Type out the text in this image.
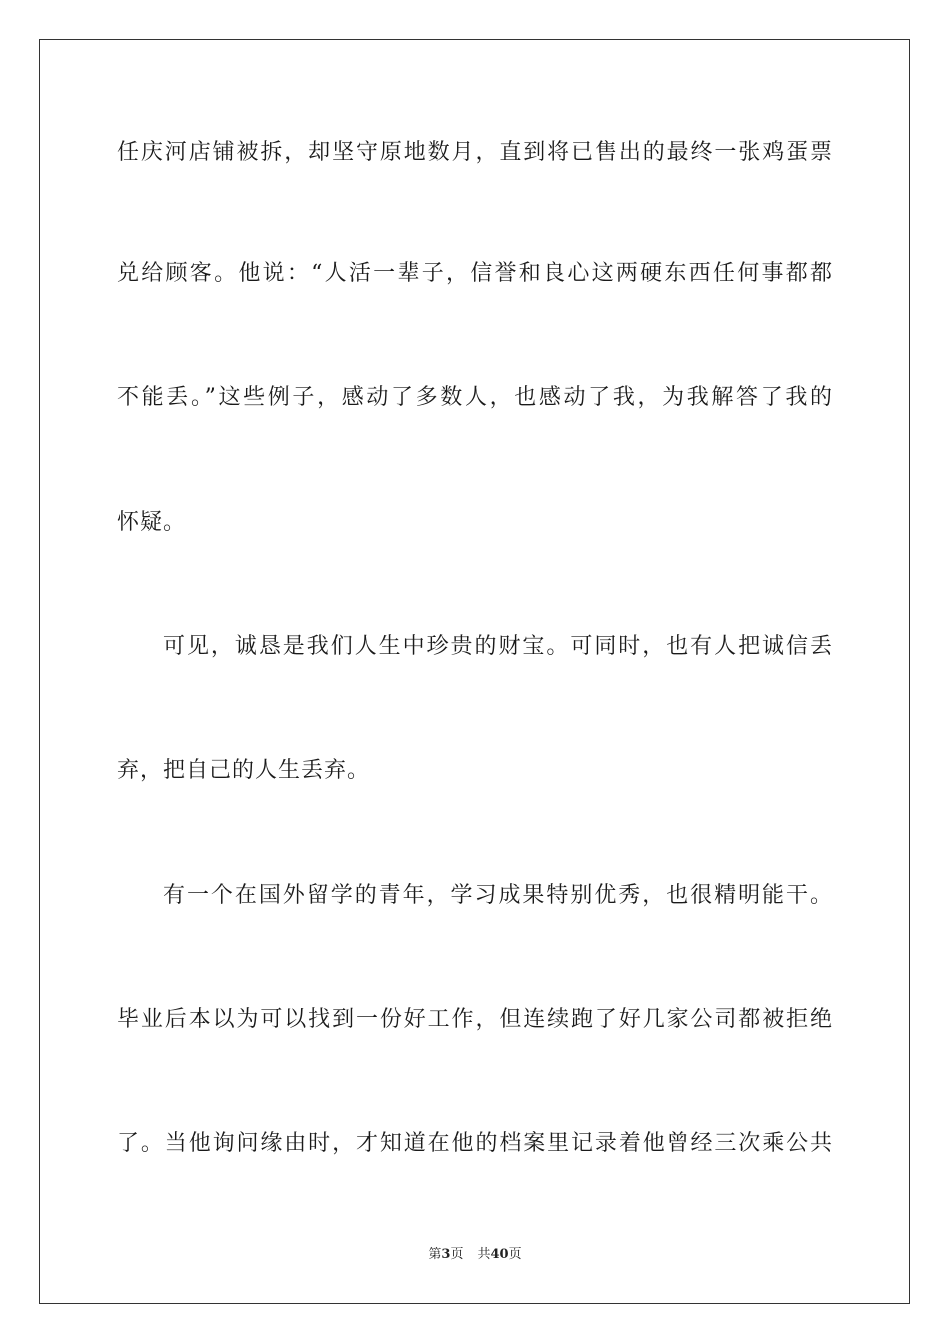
任庆河店铺被拆，却坚守原地数月，直到将已售出的最终一张鸡蛋票
兑给顾客。他说：“人活一辈子，信誉和良心这两硬东西任何事都都
不能丢。”这些例子，感动了多数人，也感动了我，为我解答了我的
怀疑。
可见，诚恳是我们人生中珍贵的财宝。可同时，也有人把诚信丢
弃，把自己的人生丢弃。
有一个在国外留学的青年，学习成果特别优秀，也很精明能干。
毕业后本以为可以找到一份好工作，但连续跑了好几家公司都被拒绝
了。当他询问缘由时，才知道在他的档案里记录着他曾经三次乘公共
第3页 共40页
